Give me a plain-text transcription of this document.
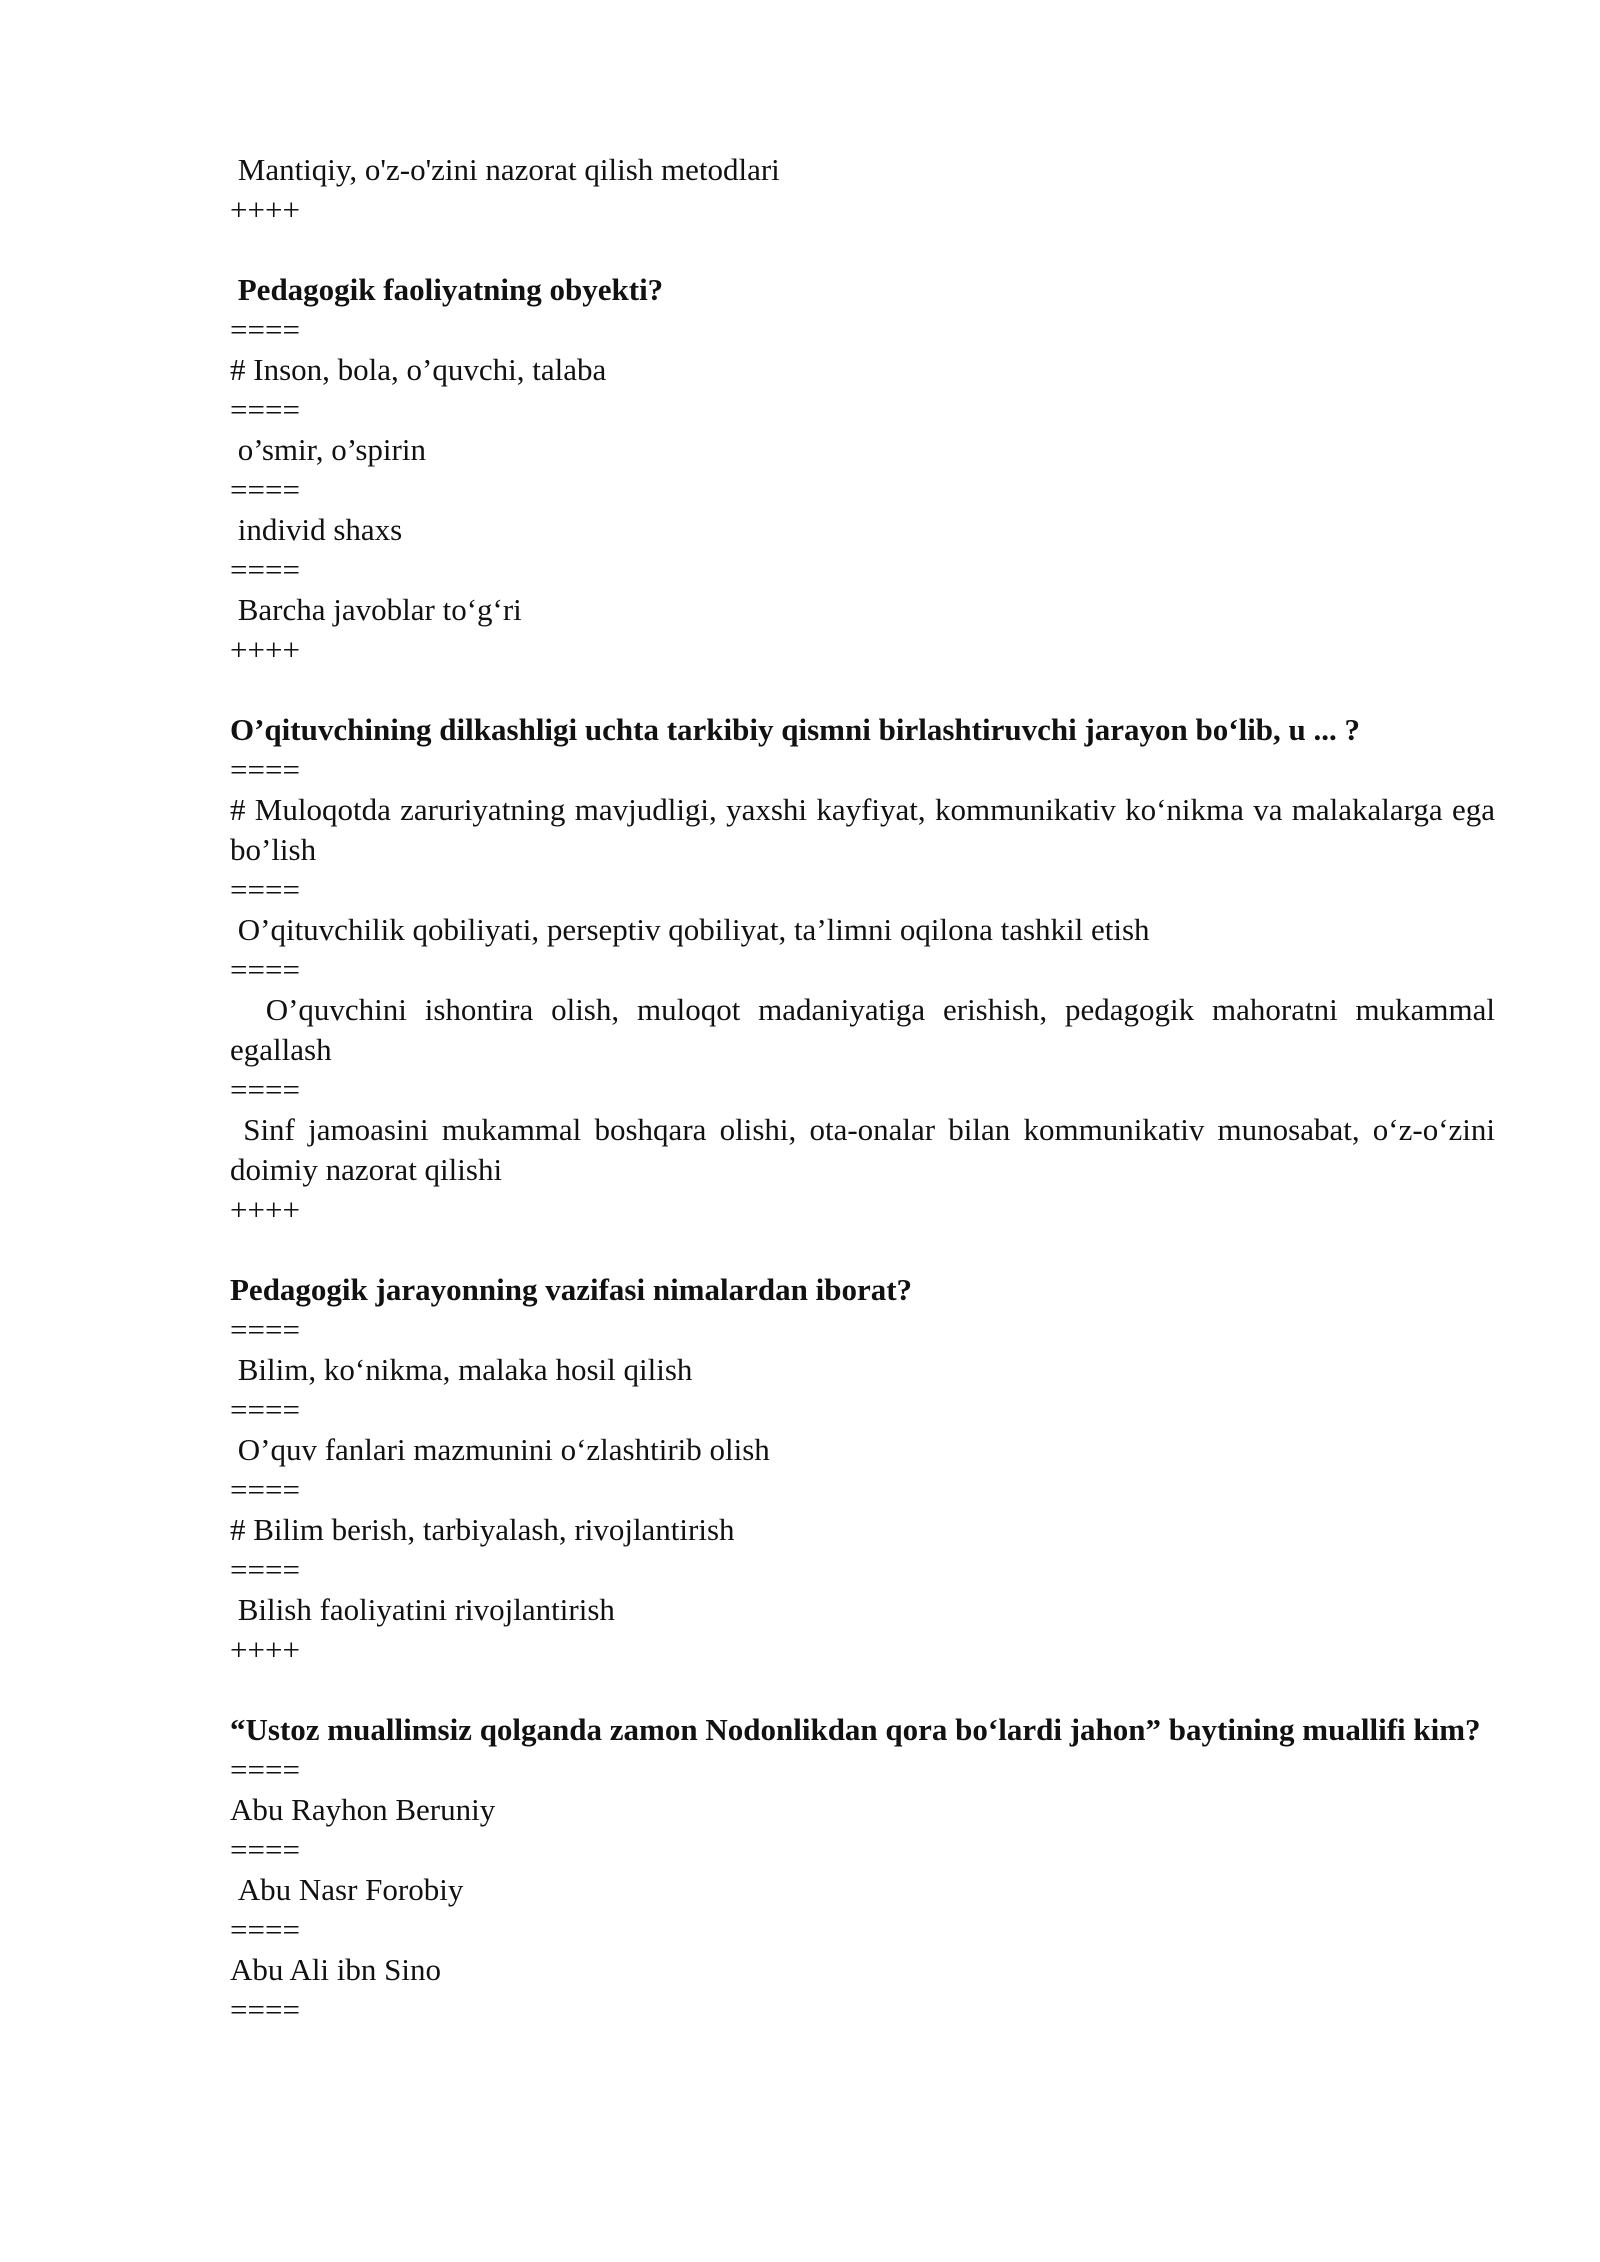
Mantiqiy, o'z-o'zini nazorat qilish metodlari

++++

Pedagogik faoliyatning obyekti?

====

# Inson, bola, o’quvchi, talaba

====

o’smir, o’spirin

====

individ shaxs

====

Barcha javoblar to‘g‘ri

++++

O’qituvchining dilkashligi uchta tarkibiy qismni birlashtiruvchi jarayon bo‘lib, u ... ?

====

# Muloqotda zaruriyatning mavjudligi, yaxshi kayfiyat, kommunikativ ko‘nikma va malakalarga ega bo’lish

====

O’qituvchilik qobiliyati, perseptiv qobiliyat, ta’limni oqilona tashkil etish

====

O’quvchini ishontira olish, muloqot madaniyatiga erishish, pedagogik mahoratni mukammal egallash

====

Sinf jamoasini mukammal boshqara olishi, ota-onalar bilan kommunikativ munosabat, o‘z-o‘zini doimiy nazorat qilishi

++++

Pedagogik jarayonning vazifasi nimalardan iborat?

====

Bilim, ko‘nikma, malaka hosil qilish

====

O’quv fanlari mazmunini o‘zlashtirib olish

====

# Bilim berish, tarbiyalash, rivojlantirish

====

Bilish faoliyatini rivojlantirish

++++

“Ustoz muallimsiz qolganda zamon Nodonlikdan qora bo‘lardi jahon” baytining muallifi kim?

====

Abu Rayhon Beruniy

====

Abu Nasr Forobiy

====

Abu Ali ibn Sino

====
